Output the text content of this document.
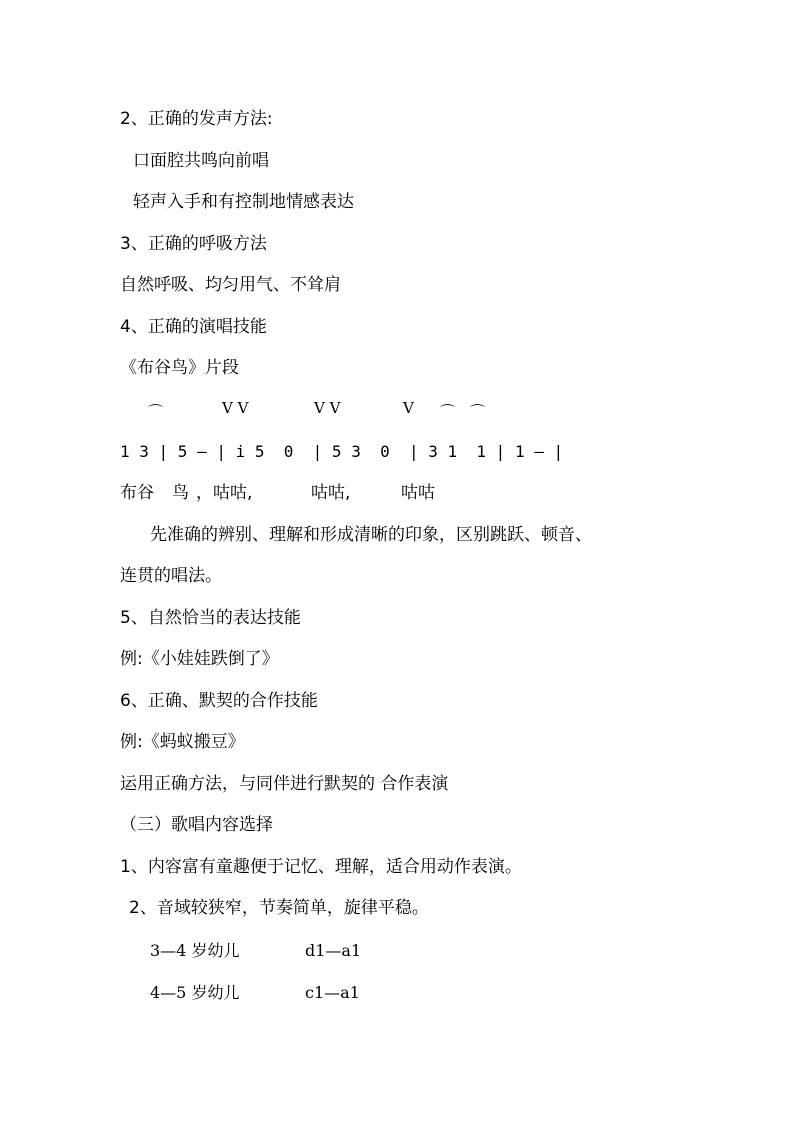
2、正确的发声方法:
口面腔共鸣向前唱
轻声入手和有控制地情感表达
3、正确的呼吸方法
自然呼吸、均匀用气、不耸肩
4、正确的演唱技能
《布谷鸟》片段
⌒	V V	V V	V ⌒ ⌒
1 3 | 5 — | i 5  0  | 5 3  0  | 3 1  1 | 1 — |
布谷 鸟 ，咕咕,	咕咕,	咕咕
先准确的辨别、理解和形成清晰的印象，区别跳跃、顿音、
连贯的唱法。
5、自然恰当的表达技能
例:《小娃娃跌倒了》
6、正确、默契的合作技能
例:《蚂蚁搬豆》
运用正确方法，与同伴进行默契的 合作表演
（三）歌唱内容选择
1、内容富有童趣便于记忆、理解，适合用动作表演。
2、音域较狭窄，节奏简单，旋律平稳。
3—4 岁幼儿	d1—a1
4—5 岁幼儿	c1—a1
